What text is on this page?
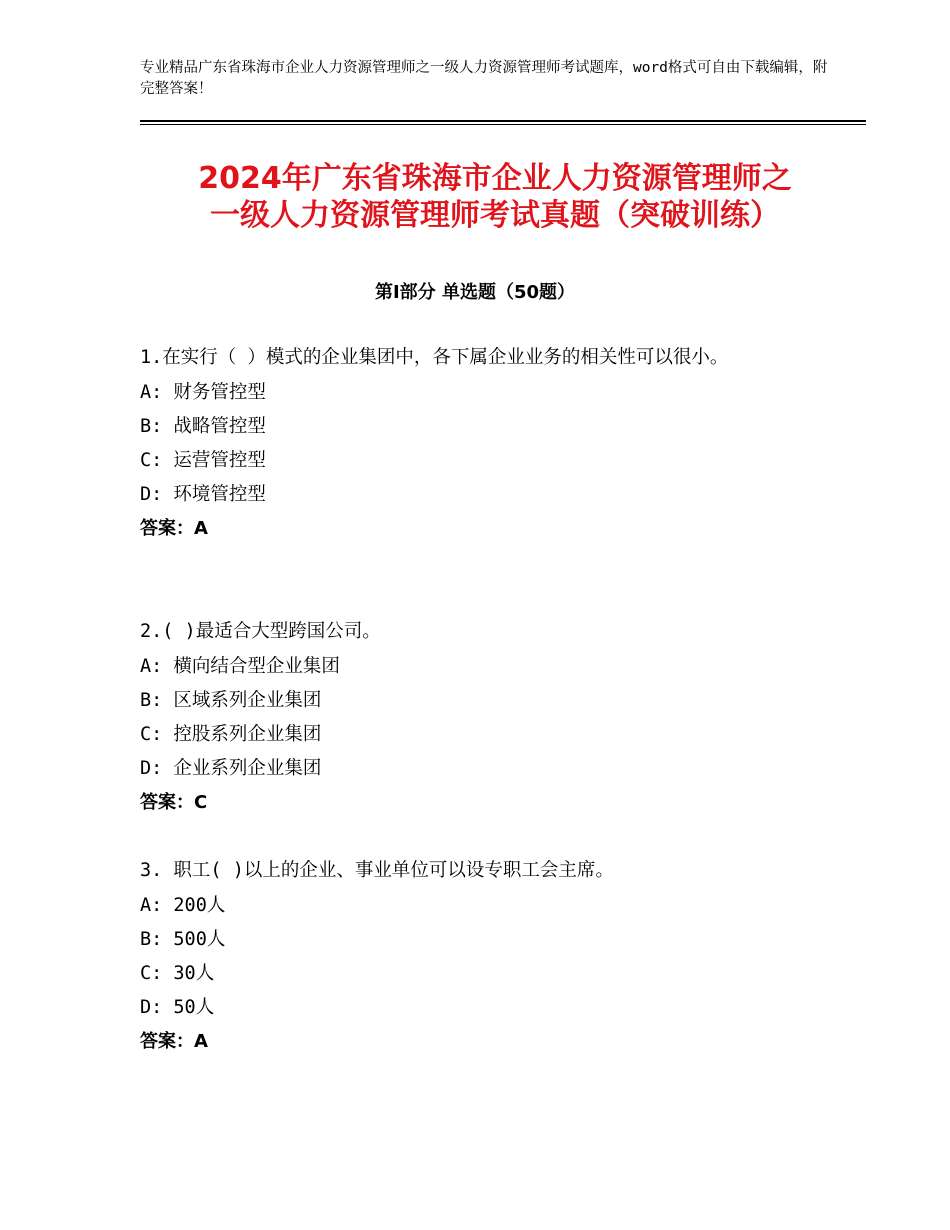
专业精品广东省珠海市企业人力资源管理师之一级人力资源管理师考试题库，word格式可自由下载编辑，附完整答案！
2024年广东省珠海市企业人力资源管理师之
一级人力资源管理师考试真题（突破训练）
第Ⅰ部分 单选题（50题）
1.在实行（ ）模式的企业集团中，各下属企业业务的相关性可以很小。
A: 财务管控型
B: 战略管控型
C: 运营管控型
D: 环境管控型
答案：A
2.( )最适合大型跨国公司。
A: 横向结合型企业集团
B: 区域系列企业集团
C: 控股系列企业集团
D: 企业系列企业集团
答案：C
3. 职工( )以上的企业、事业单位可以设专职工会主席。
A: 200人
B: 500人
C: 30人
D: 50人
答案：A
